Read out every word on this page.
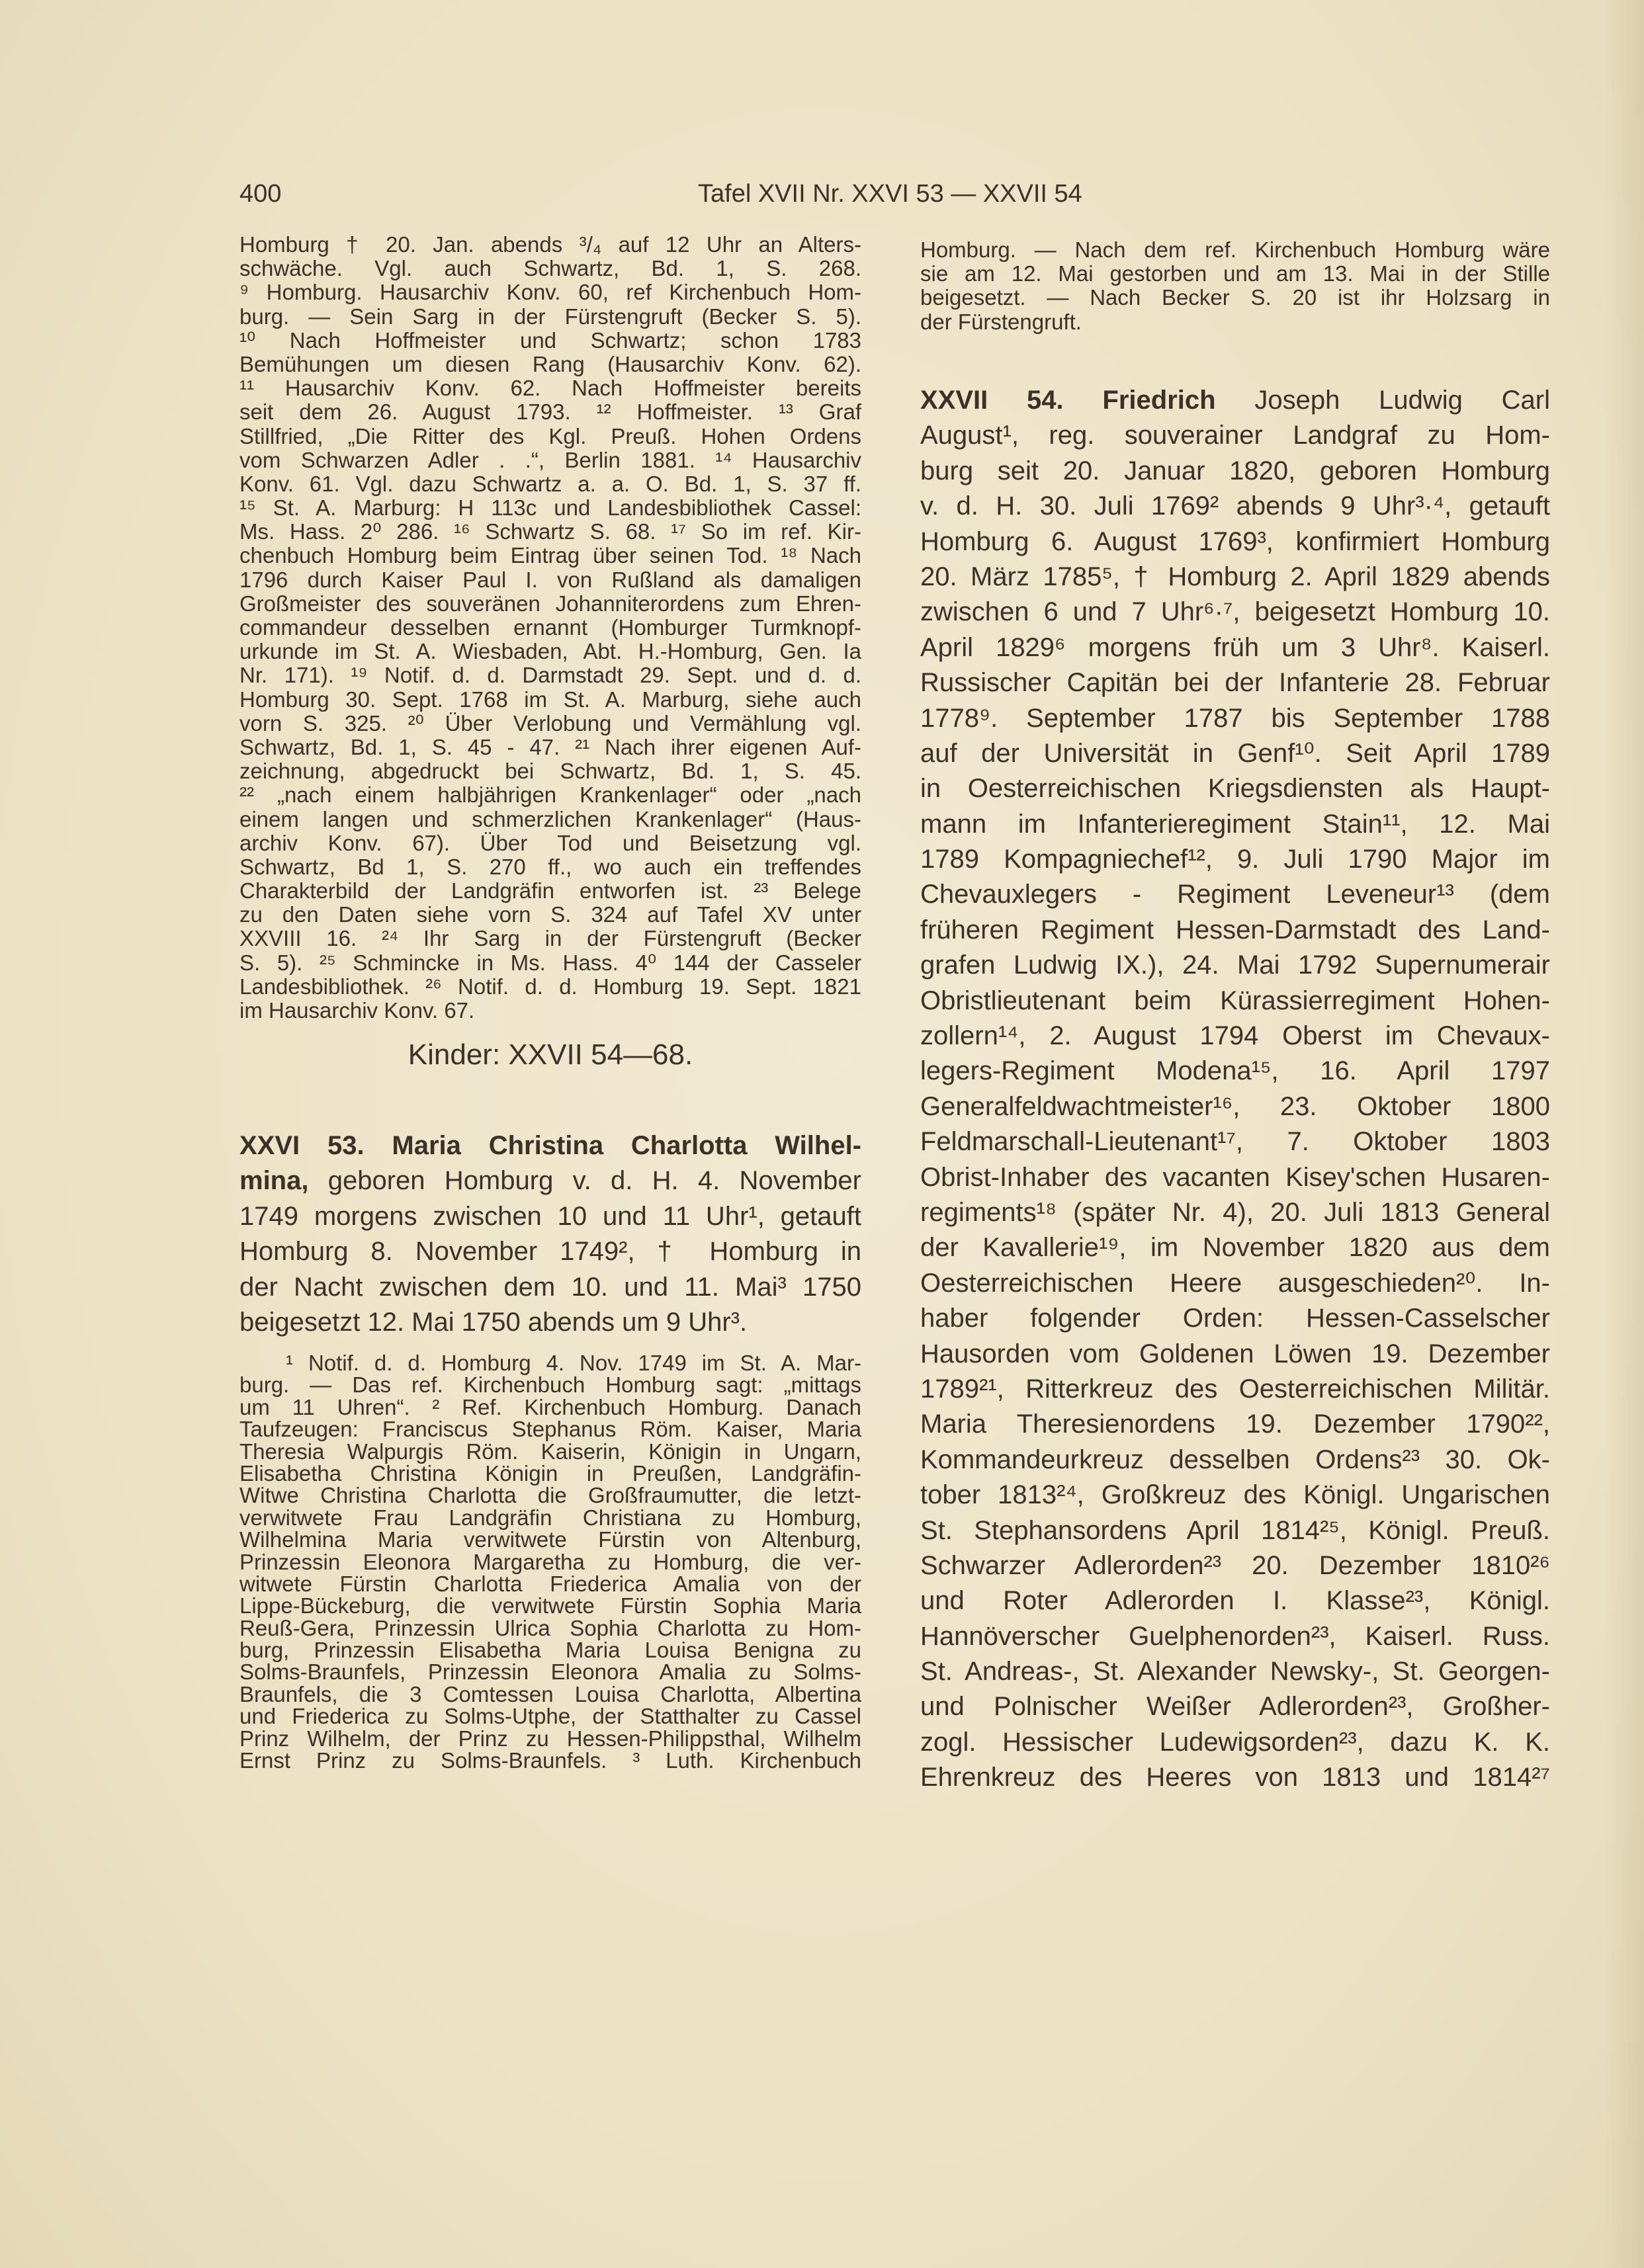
400	Tafel XVII Nr. XXVI 53 — XXVII 54
Homburg † 20. Jan. abends ³/₄ auf 12 Uhr an Alters-
schwäche. Vgl. auch Schwartz, Bd. 1, S. 268.
⁹ Homburg. Hausarchiv Konv. 60, ref Kirchenbuch Hom-
burg. — Sein Sarg in der Fürstengruft (Becker S. 5).
¹⁰ Nach Hoffmeister und Schwartz; schon 1783
Bemühungen um diesen Rang (Hausarchiv Konv. 62).
¹¹ Hausarchiv Konv. 62. Nach Hoffmeister bereits
seit dem 26. August 1793. ¹² Hoffmeister. ¹³ Graf
Stillfried, „Die Ritter des Kgl. Preuß. Hohen Ordens
vom Schwarzen Adler . .“, Berlin 1881. ¹⁴ Hausarchiv
Konv. 61. Vgl. dazu Schwartz a. a. O. Bd. 1, S. 37 ff.
¹⁵ St. A. Marburg: H 113c und Landesbibliothek Cassel:
Ms. Hass. 2⁰ 286. ¹⁶ Schwartz S. 68. ¹⁷ So im ref. Kir-
chenbuch Homburg beim Eintrag über seinen Tod. ¹⁸ Nach
1796 durch Kaiser Paul I. von Rußland als damaligen
Großmeister des souveränen Johanniterordens zum Ehren-
commandeur desselben ernannt (Homburger Turmknopf-
urkunde im St. A. Wiesbaden, Abt. H.-Homburg, Gen. Ia
Nr. 171). ¹⁹ Notif. d. d. Darmstadt 29. Sept. und d. d.
Homburg 30. Sept. 1768 im St. A. Marburg, siehe auch
vorn S. 325. ²⁰ Über Verlobung und Vermählung vgl.
Schwartz, Bd. 1, S. 45 - 47. ²¹ Nach ihrer eigenen Auf-
zeichnung, abgedruckt bei Schwartz, Bd. 1, S. 45.
²² „nach einem halbjährigen Krankenlager“ oder „nach
einem langen und schmerzlichen Krankenlager“ (Haus-
archiv Konv. 67). Über Tod und Beisetzung vgl.
Schwartz, Bd 1, S. 270 ff., wo auch ein treffendes
Charakterbild der Landgräfin entworfen ist. ²³ Belege
zu den Daten siehe vorn S. 324 auf Tafel XV unter
XXVIII 16. ²⁴ Ihr Sarg in der Fürstengruft (Becker
S. 5). ²⁵ Schmincke in Ms. Hass. 4⁰ 144 der Casseler
Landesbibliothek. ²⁶ Notif. d. d. Homburg 19. Sept. 1821
im Hausarchiv Konv. 67.
Kinder: XXVII 54—68.
XXVI 53. Maria Christina Charlotta Wilhel-
mina, geboren Homburg v. d. H. 4. November
1749 morgens zwischen 10 und 11 Uhr¹, getauft
Homburg 8. November 1749², † Homburg in
der Nacht zwischen dem 10. und 11. Mai³ 1750
beigesetzt 12. Mai 1750 abends um 9 Uhr³.
¹ Notif. d. d. Homburg 4. Nov. 1749 im St. A. Mar-
burg. — Das ref. Kirchenbuch Homburg sagt: „mittags
um 11 Uhren“. ² Ref. Kirchenbuch Homburg. Danach
Taufzeugen: Franciscus Stephanus Röm. Kaiser, Maria
Theresia Walpurgis Röm. Kaiserin, Königin in Ungarn,
Elisabetha Christina Königin in Preußen, Landgräfin-
Witwe Christina Charlotta die Großfraumutter, die letzt-
verwitwete Frau Landgräfin Christiana zu Homburg,
Wilhelmina Maria verwitwete Fürstin von Altenburg,
Prinzessin Eleonora Margaretha zu Homburg, die ver-
witwete Fürstin Charlotta Friederica Amalia von der
Lippe-Bückeburg, die verwitwete Fürstin Sophia Maria
Reuß-Gera, Prinzessin Ulrica Sophia Charlotta zu Hom-
burg, Prinzessin Elisabetha Maria Louisa Benigna zu
Solms-Braunfels, Prinzessin Eleonora Amalia zu Solms-
Braunfels, die 3 Comtessen Louisa Charlotta, Albertina
und Friederica zu Solms-Utphe, der Statthalter zu Cassel
Prinz Wilhelm, der Prinz zu Hessen-Philippsthal, Wilhelm
Ernst Prinz zu Solms-Braunfels. ³ Luth. Kirchenbuch
Homburg. — Nach dem ref. Kirchenbuch Homburg wäre
sie am 12. Mai gestorben und am 13. Mai in der Stille
beigesetzt. — Nach Becker S. 20 ist ihr Holzsarg in
der Fürstengruft.
XXVII 54. Friedrich Joseph Ludwig Carl
August¹, reg. souverainer Landgraf zu Hom-
burg seit 20. Januar 1820, geboren Homburg
v. d. H. 30. Juli 1769² abends 9 Uhr³·⁴, getauft
Homburg 6. August 1769³, konfirmiert Homburg
20. März 1785⁵, † Homburg 2. April 1829 abends
zwischen 6 und 7 Uhr⁶·⁷, beigesetzt Homburg 10.
April 1829⁶ morgens früh um 3 Uhr⁸. Kaiserl.
Russischer Capitän bei der Infanterie 28. Februar
1778⁹. September 1787 bis September 1788
auf der Universität in Genf¹⁰. Seit April 1789
in Oesterreichischen Kriegsdiensten als Haupt-
mann im Infanterieregiment Stain¹¹, 12. Mai
1789 Kompagniechef¹², 9. Juli 1790 Major im
Chevauxlegers - Regiment Leveneur¹³ (dem
früheren Regiment Hessen-Darmstadt des Land-
grafen Ludwig IX.), 24. Mai 1792 Supernumerair
Obristlieutenant beim Kürassierregiment Hohen-
zollern¹⁴, 2. August 1794 Oberst im Chevaux-
legers-Regiment Modena¹⁵, 16. April 1797
Generalfeldwachtmeister¹⁶, 23. Oktober 1800
Feldmarschall-Lieutenant¹⁷, 7. Oktober 1803
Obrist-Inhaber des vacanten Kisey'schen Husaren-
regiments¹⁸ (später Nr. 4), 20. Juli 1813 General
der Kavallerie¹⁹, im November 1820 aus dem
Oesterreichischen Heere ausgeschieden²⁰. In-
haber folgender Orden: Hessen-Casselscher
Hausorden vom Goldenen Löwen 19. Dezember
1789²¹, Ritterkreuz des Oesterreichischen Militär.
Maria Theresienordens 19. Dezember 1790²²,
Kommandeurkreuz desselben Ordens²³ 30. Ok-
tober 1813²⁴, Großkreuz des Königl. Ungarischen
St. Stephansordens April 1814²⁵, Königl. Preuß.
Schwarzer Adlerorden²³ 20. Dezember 1810²⁶
und Roter Adlerorden I. Klasse²³, Königl.
Hannöverscher Guelphenorden²³, Kaiserl. Russ.
St. Andreas-, St. Alexander Newsky-, St. Georgen-
und Polnischer Weißer Adlerorden²³, Großher-
zogl. Hessischer Ludewigsorden²³, dazu K. K.
Ehrenkreuz des Heeres von 1813 und 1814²⁷
